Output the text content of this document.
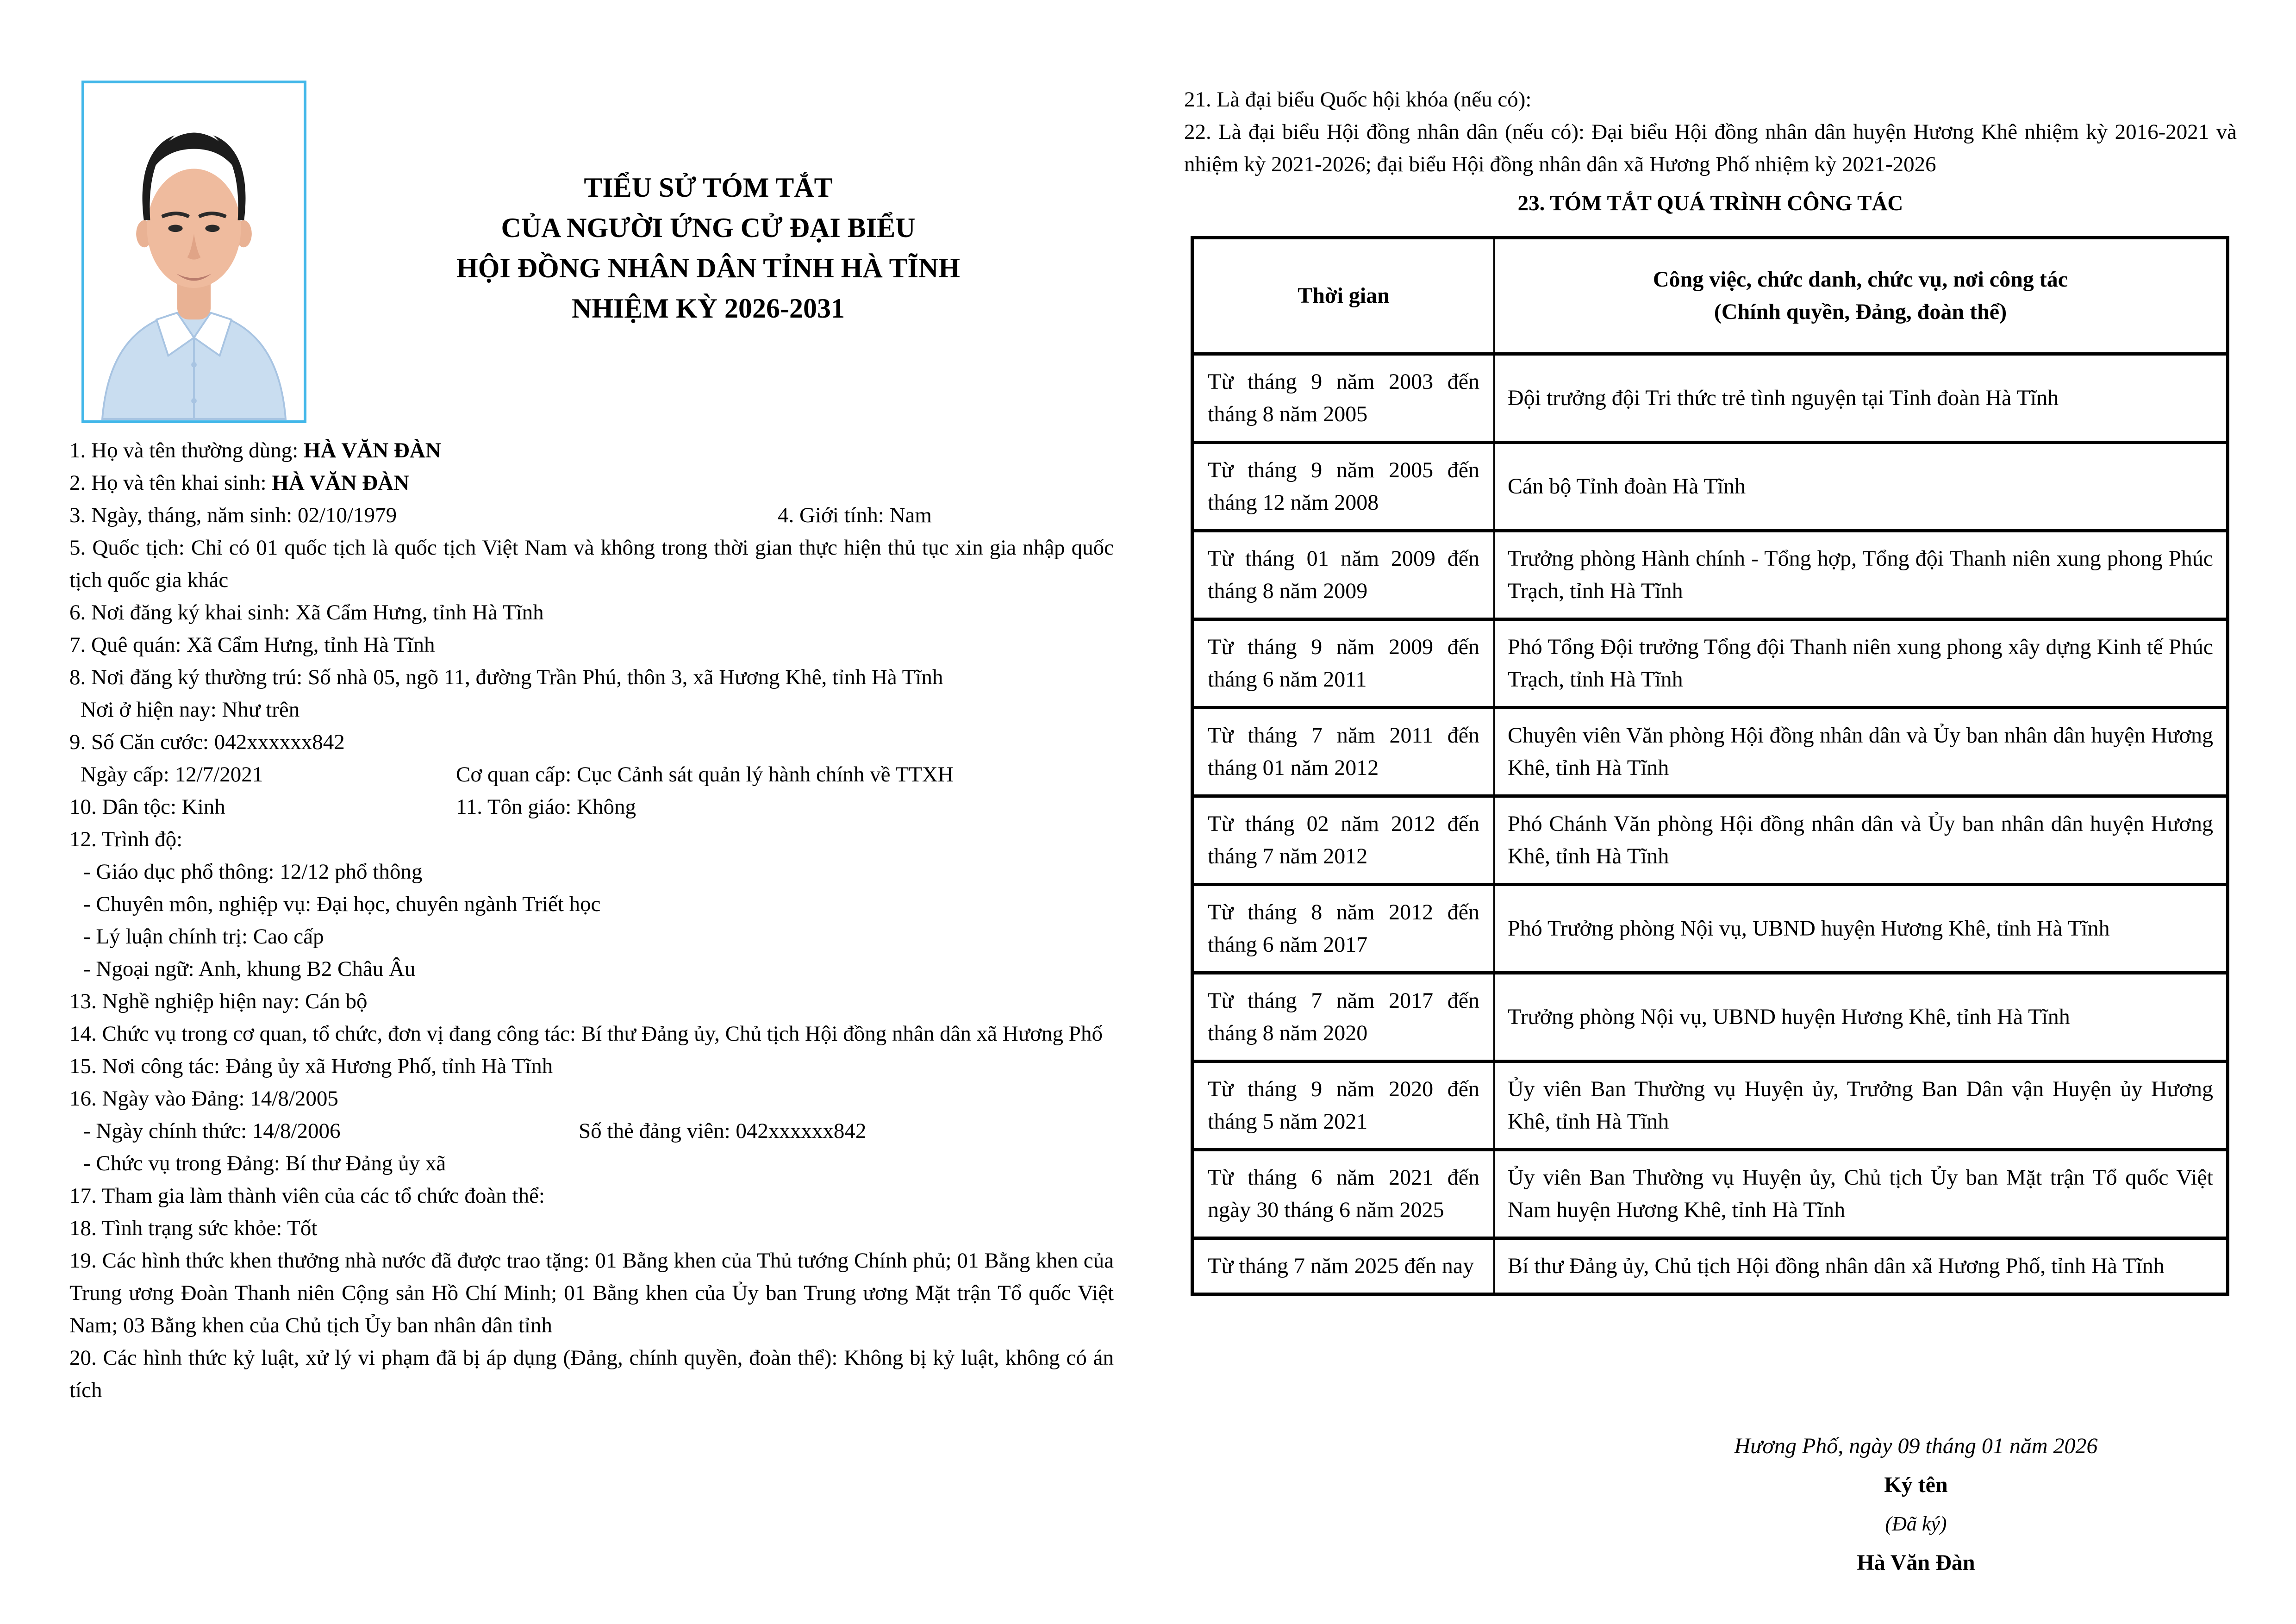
TIỂU SỬ TÓM TẮT
CỦA NGƯỜI ỨNG CỬ ĐẠI BIỂU
HỘI ĐỒNG NHÂN DÂN TỈNH HÀ TĨNH
NHIỆM KỲ 2026-2031
1. Họ và tên thường dùng: HÀ VĂN ĐÀN
2. Họ và tên khai sinh: HÀ VĂN ĐÀN
3. Ngày, tháng, năm sinh: 02/10/1979	4. Giới tính: Nam
5. Quốc tịch: Chỉ có 01 quốc tịch là quốc tịch Việt Nam và không trong thời gian thực hiện thủ tục xin gia nhập quốc tịch quốc gia khác
6. Nơi đăng ký khai sinh: Xã Cẩm Hưng, tỉnh Hà Tĩnh
7. Quê quán: Xã Cẩm Hưng, tỉnh Hà Tĩnh
8. Nơi đăng ký thường trú: Số nhà 05, ngõ 11, đường Trần Phú, thôn 3, xã Hương Khê, tỉnh Hà Tĩnh
Nơi ở hiện nay: Như trên
9. Số Căn cước: 042xxxxxx842
Ngày cấp: 12/7/2021	Cơ quan cấp: Cục Cảnh sát quản lý hành chính về TTXH
10. Dân tộc: Kinh	11. Tôn giáo: Không
12. Trình độ:
- Giáo dục phổ thông: 12/12 phổ thông
- Chuyên môn, nghiệp vụ: Đại học, chuyên ngành Triết học
- Lý luận chính trị: Cao cấp
- Ngoại ngữ: Anh, khung B2 Châu Âu
13. Nghề nghiệp hiện nay: Cán bộ
14. Chức vụ trong cơ quan, tổ chức, đơn vị đang công tác: Bí thư Đảng ủy, Chủ tịch Hội đồng nhân dân xã Hương Phố
15. Nơi công tác: Đảng ủy xã Hương Phố, tỉnh Hà Tĩnh
16. Ngày vào Đảng: 14/8/2005
- Ngày chính thức: 14/8/2006	Số thẻ đảng viên: 042xxxxxx842
- Chức vụ trong Đảng: Bí thư Đảng ủy xã
17. Tham gia làm thành viên của các tổ chức đoàn thể:
18. Tình trạng sức khỏe: Tốt
19. Các hình thức khen thưởng nhà nước đã được trao tặng: 01 Bằng khen của Thủ tướng Chính phủ; 01 Bằng khen của Trung ương Đoàn Thanh niên Cộng sản Hồ Chí Minh; 01 Bằng khen của Ủy ban Trung ương Mặt trận Tổ quốc Việt Nam; 03 Bằng khen của Chủ tịch Ủy ban nhân dân tỉnh
20. Các hình thức kỷ luật, xử lý vi phạm đã bị áp dụng (Đảng, chính quyền, đoàn thể): Không bị kỷ luật, không có án tích
21. Là đại biểu Quốc hội khóa (nếu có):
22. Là đại biểu Hội đồng nhân dân (nếu có): Đại biểu Hội đồng nhân dân huyện Hương Khê nhiệm kỳ 2016-2021 và nhiệm kỳ 2021-2026; đại biểu Hội đồng nhân dân xã Hương Phố nhiệm kỳ 2021-2026
23. TÓM TẮT QUÁ TRÌNH CÔNG TÁC
Thời gian	Công việc, chức danh, chức vụ, nơi công tác
(Chính quyền, Đảng, đoàn thể)

Từ tháng 9 năm 2003 đến tháng 8 năm 2005	Đội trưởng đội Tri thức trẻ tình nguyện tại Tỉnh đoàn Hà Tĩnh
Từ tháng 9 năm 2005 đến tháng 12 năm 2008	Cán bộ Tỉnh đoàn Hà Tĩnh
Từ tháng 01 năm 2009 đến tháng 8 năm 2009	Trưởng phòng Hành chính - Tổng hợp, Tổng đội Thanh niên xung phong Phúc Trạch, tỉnh Hà Tĩnh
Từ tháng 9 năm 2009 đến tháng 6 năm 2011	Phó Tổng Đội trưởng Tổng đội Thanh niên xung phong xây dựng Kinh tế Phúc Trạch, tỉnh Hà Tĩnh
Từ tháng 7 năm 2011 đến tháng 01 năm 2012	Chuyên viên Văn phòng Hội đồng nhân dân và Ủy ban nhân dân huyện Hương Khê, tỉnh Hà Tĩnh
Từ tháng 02 năm 2012 đến tháng 7 năm 2012	Phó Chánh Văn phòng Hội đồng nhân dân và Ủy ban nhân dân huyện Hương Khê, tỉnh Hà Tĩnh
Từ tháng 8 năm 2012 đến tháng 6 năm 2017	Phó Trưởng phòng Nội vụ, UBND huyện Hương Khê, tỉnh Hà Tĩnh
Từ tháng 7 năm 2017 đến tháng 8 năm 2020	Trưởng phòng Nội vụ, UBND huyện Hương Khê, tỉnh Hà Tĩnh
Từ tháng 9 năm 2020 đến tháng 5 năm 2021	Ủy viên Ban Thường vụ Huyện ủy, Trưởng Ban Dân vận Huyện ủy Hương Khê, tỉnh Hà Tĩnh
Từ tháng 6 năm 2021 đến ngày 30 tháng 6 năm 2025	Ủy viên Ban Thường vụ Huyện ủy, Chủ tịch Ủy ban Mặt trận Tổ quốc Việt Nam huyện Hương Khê, tỉnh Hà Tĩnh
Từ tháng 7 năm 2025 đến nay	Bí thư Đảng ủy, Chủ tịch Hội đồng nhân dân xã Hương Phố, tỉnh Hà Tĩnh
Hương Phố, ngày 09 tháng 01 năm 2026
Ký tên
(Đã ký)
Hà Văn Đàn
